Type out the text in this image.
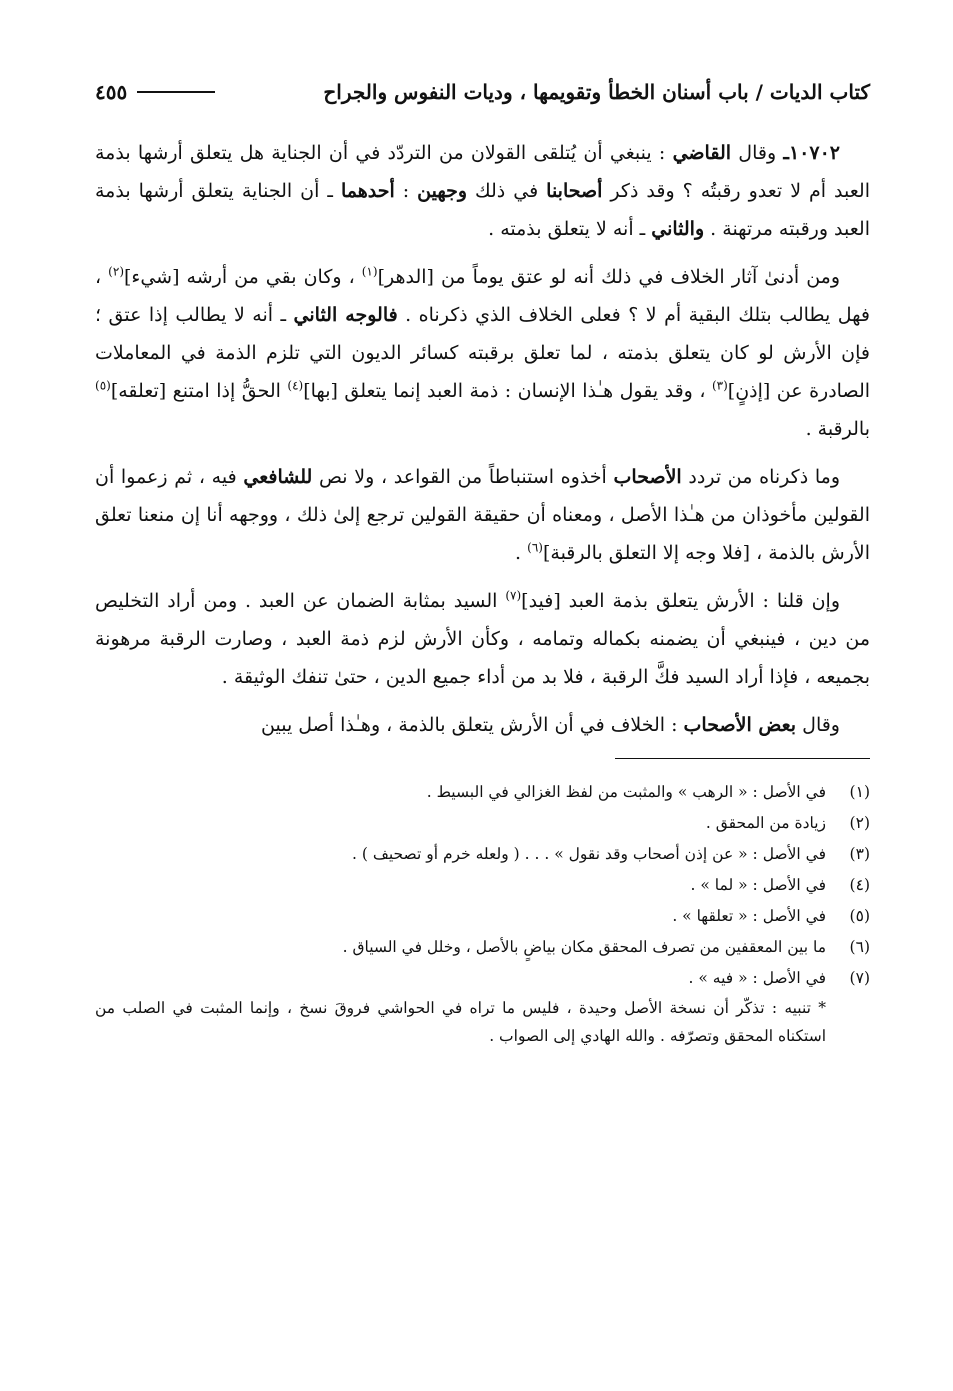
كتاب الديات / باب أسنان الخطأ وتقويمها ، وديات النفوس والجراح
٤٥٥

١٠٧٠٢ـ وقال القاضي : ينبغي أن يُتلقى القولان من التردّد في أن الجناية هل يتعلق أرشها بذمة العبد أم لا تعدو رقبتُه ؟ وقد ذكر أصحابنا في ذلك وجهين : أحدهما ـ أن الجناية يتعلق أرشها بذمة العبد ورقبته مرتهنة . والثاني ـ أنه لا يتعلق بذمته .

ومن أدنىٰ آثار الخلاف في ذلك أنه لو عتق يوماً من [الدهر]$^{(١)}$ ، وكان بقي من أرشه [شيء]$^{(٢)}$ ، فهل يطالب بتلك البقية أم لا ؟ فعلى الخلاف الذي ذكرناه . فالوجه الثاني ـ أنه لا يطالب إذا عتق ؛ فإن الأرش لو كان يتعلق بذمته ، لما تعلق برقبته كسائر الديون التي تلزم الذمة في المعاملات الصادرة عن [إذنٍ]$^{(٣)}$ ، وقد يقول هـٰذا الإنسان : ذمة العبد إنما يتعلق [بها]$^{(٤)}$ الحقُّ إذا امتنع [تعلقه]$^{(٥)}$ بالرقبة .

وما ذكرناه من تردد الأصحاب أخذوه استنباطاً من القواعد ، ولا نص للشافعي فيه ، ثم زعموا أن القولين مأخوذان من هـٰذا الأصل ، ومعناه أن حقيقة القولين ترجع إلىٰ ذلك ، ووجهه أنا إن منعنا تعلق الأرش بالذمة ، [فلا وجه إلا التعلق بالرقبة]$^{(٦)}$ .

وإن قلنا : الأرش يتعلق بذمة العبد [فيد]$^{(٧)}$ السيد بمثابة الضمان عن العبد . ومن أراد التخليص من دين ، فينبغي أن يضمنه بكماله وتمامه ، وكأن الأرش لزم ذمة العبد ، وصارت الرقبة مرهونة بجميعه ، فإذا أراد السيد فكَّ الرقبة ، فلا بد من أداء جميع الدين ، حتىٰ تنفك الوثيقة .

وقال بعض الأصحاب : الخلاف في أن الأرش يتعلق بالذمة ، وهـٰذا أصل يبين

(١)
في الأصل : « الرهب » والمثبت من لفظ الغزالي في البسيط .
(٢)
زيادة من المحقق .
(٣)
في الأصل : « عن إذن أصحاب وقد نقول » . . . ( ولعله خرم أو تصحيف ) .
(٤)
في الأصل : « لما » .
(٥)
في الأصل : « تعلقها » .
(٦)
ما بين المعقفين من تصرف المحقق مكان بياضٍ بالأصل ، وخلل في السياق .
(٧)
في الأصل : « فيه » .
* تنبيه : تذكّر أن نسخة الأصل وحيدة ، فليس ما تراه في الحواشي فروقَ نسخ ، وإنما المثبت في الصلب من استكناه المحقق وتصرّفه . والله الهادي إلى الصواب .
